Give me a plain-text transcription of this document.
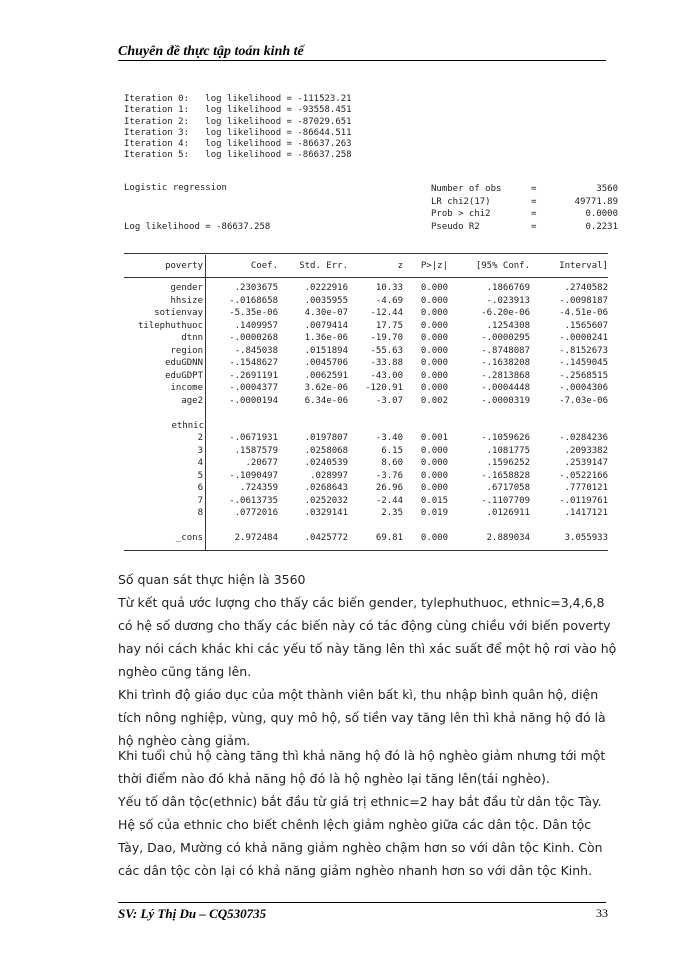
Chuyên đề thực tập toán kinh tế
Iteration 0:   log likelihood = -111523.21
Iteration 1:   log likelihood = -93558.451
Iteration 2:   log likelihood = -87029.651
Iteration 3:   log likelihood = -86644.511
Iteration 4:   log likelihood = -86637.263
Iteration 5:   log likelihood = -86637.258
Logistic regression
Log likelihood = -86637.258
Number of obs	=	3560
LR chi2(17)	=	49771.89
Prob > chi2	=	0.0000
Pseudo R2	=	0.2231
poverty	Coef. Std. Err.	z P>|z|	[95% Conf.	Interval]
gender	.2303675	.0222916	10.33 0.000	.1866769	.2740582
hhsize	-.0168658	.0035955	-4.69 0.000	-.023913	-.0098187
sotienvay	-5.35e-06	4.30e-07 -12.44 0.000	-6.20e-06	-4.51e-06
tilephuthuoc	.1409957	.0079414	17.75 0.000	.1254308	.1565607
dtnn	-.0000268	1.36e-06 -19.70 0.000	-.0000295	-.0000241
region	-.845038	.0151894 -55.63 0.000	-.8748087	-.8152673
eduGDNN	-.1548627	.0045706 -33.88 0.000	-.1638208	-.1459045
eduGDPT	-.2691191	.0062591 -43.00 0.000	-.2813868	-.2568515
income	-.0004377	3.62e-06 -120.91 0.000	-.0004448	-.0004306
age2	-.0000194	6.34e-06	-3.07 0.002	-.0000319	-7.03e-06
ethnic
2	-.0671931	.0197807	-3.40 0.001	-.1059626	-.0284236
3	.1587579	.0258068	6.15 0.000	.1081775	.2093382
4	.20677	.0240539	8.60 0.000	.1596252	.2539147
5	-.1090497	.028997	-3.76 0.000	-.1658828	-.0522166
6	.724359	.0268643	26.96 0.000	.6717058	.7770121
7	-.0613735	.0252032	-2.44 0.015	-.1107709	-.0119761
8	.0772016	.0329141	2.35 0.019	.0126911	.1417121
_cons	2.972484	.0425772	69.81 0.000	2.889034	3.055933
Số quan sát thực hiện là 3560
Từ kết quả ước lượng cho thấy các biến gender, tylephuthuoc, ethnic=3,4,6,8 có hệ số dương cho thấy các biến này có tác động cùng chiều với biến poverty hay nói cách khác khi các yếu tố này tăng lên thì xác suất để một hộ rơi vào hộ nghèo cũng tăng lên.
Khi trình độ giáo dục của một thành viên bất kì, thu nhập bình quân hộ, diện tích nông nghiệp, vùng, quy mô hộ, số tiền vay tăng lên thì khả năng hộ đó là hộ nghèo càng giảm.
Khi tuổi chủ hộ càng tăng thì khả năng hộ đó là hộ nghèo giảm nhưng tới một thời điểm nào đó khả năng hộ đó là hộ nghèo lại tăng lên(tái nghèo).
Yếu tố dân tộc(ethnic) bắt đầu từ giá trị ethnic=2 hay bắt đầu từ dân tộc Tày. Hệ số của ethnic cho biết chênh lệch giảm nghèo giữa các dân tộc. Dân tộc Tày, Dao, Mường có khả năng giảm nghèo chậm hơn so với dân tộc Kinh. Còn các dân tộc còn lại có khả năng giảm nghèo nhanh hơn so với dân tộc Kinh.
SV: Lý Thị Du – CQ530735	33
